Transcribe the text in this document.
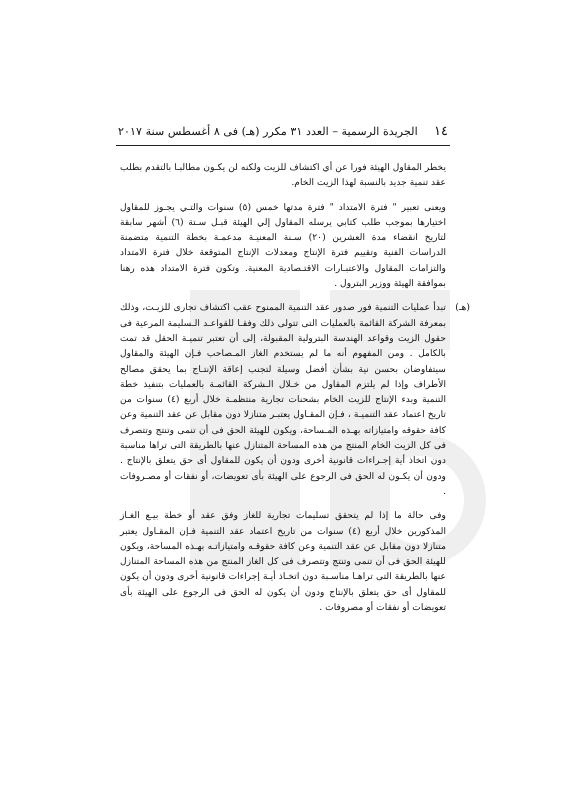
١٤
الجريدة الرسمية – العدد ٣١ مكرر (هـ) فى ٨ أغسطس سنة ٢٠١٧

يخطر المقاول الهيئة فورا عن أي اكتشاف للزيت ولكنه لن يكـون مطالبـا بالتقدم بطلب عقد تنمية جديد بالنسبة لهذا الزيت الخام.

ويعنى تعبير " فترة الامتداد " فترة مدتها خمس (٥) سنوات والتـي يجـوز للمقاول اختيارها بموجب طلب كتابي يرسله المقاول إلي الهيئة قبـل سـتة (٦) أشهر سابقة لتاريخ انقضاء مدة العشرين (٢٠) سـنة المعنيـة مدعمـة بخطة التنمية متضمنة الدراسات الفنية وتقييم فترة الإنتاج ومعدلات الإنتاج المتوقعة خلال فترة الامتداد والتزامات المقاول والاعتبـارات الاقتـصادية المعنية. وتكون فترة الامتداد هذه رهنا بموافقة الهيئة ووزير البترول .

(هـ)
تبدأ عمليات التنمية فور صدور عقد التنمية الممنوح عقب اكتشاف تجارى للزيـت، وذلك بمعرفة الشركة القائمة بالعمليات التى تتولى ذلك وفقـا للقواعـد الـسليمة المرعية فى حقول الزيت وقواعد الهندسة البترولية المقبولة، إلى أن تعتبر تنميـة الحقل قد تمت بالكامل . ومن المفهوم أنه ما لم يستخدم الغاز المـصاحب فـإن الهيئة والمقاول سيتفاوضان بحسن نية بشأن أفضل وسيلة لتجنب إعاقة الإنتـاج بما يحقق مصالح الأطراف وإذا لم يلتزم المقاول من خـلال الـشركة القائمـة بالعمليات بتنفيذ خطة التنمية وبدء الإنتاج للزيت الخام بشحنات تجارية منتظمـة خلال أربع (٤) سنوات من تاريخ اعتماد عقد التنميـة ، فـإن المقـاول يعتبـر متنازلا دون مقابل عن عقد التنمية وعن كافة حقوقه وامتيازاته بهـذه المـساحة، ويكون للهيئة الحق فى أن تنمى وتنتج وتتصرف فى كل الزيت الخام المنتج من هذه المساحة المتنازل عنها بالطريقة التى تراها مناسبة دون اتخاذ أية إجـراءات قانونية أخرى ودون أن يكون للمقاول أى حق يتعلق بالإنتاج . ودون أن يكـون له الحق فى الرجوع على الهيئة بأى تعويضات، أو نفقات أو مصـروفات .

وفى حالة ما إذا لم يتحقق تسليمات تجارية للغاز وفق عقد أو خطة بيـع الغـاز المذكورين خلال أربع (٤) سنوات من تاريخ اعتماد عقد التنمية فـإن المقـاول يعتبر متنازلا دون مقابل عن عقد التنمية وعن كافة حقوقـه وامتيازاتـه بهـذه المساحة، ويكون للهيئة الحق فى أن تنمى وتنتج وتتصرف فى كل الغاز المنتج من هذه المساحة المتنازل عنها بالطريقة التى تراهـا مناسـبة دون اتخـاذ أيـة إجراءات قانونية أخرى ودون أن يكون للمقاول أى حق يتعلق بالإنتاج ودون أن يكون له الحق فى الرجوع على الهيئة بأى تعويضات أو نفقات أو مصروفات .
